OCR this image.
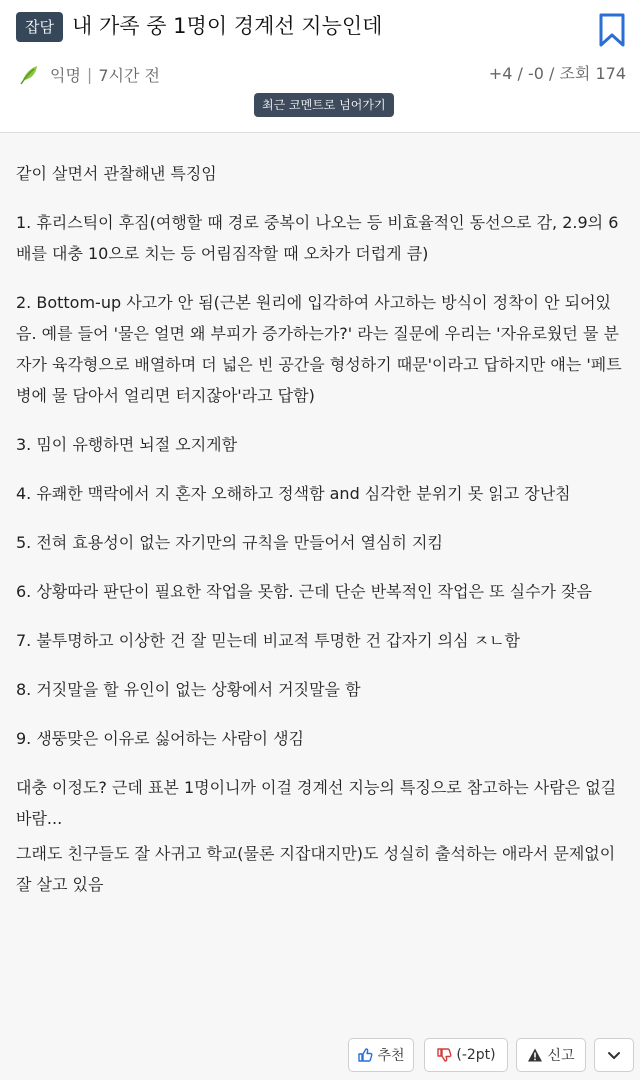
잡담 내 가족 중 1명이 경계선 지능인데
익명 | 7시간 전	+4 / -0 / 조회 174
최근 코멘트로 넘어가기

같이 살면서 관찰해낸 특징임

1. 휴리스틱이 후짐(여행할 때 경로 중복이 나오는 등 비효율적인 동선으로 감, 2.9의 6배를 대충 10으로 치는 등 어림짐작할 때 오차가 더럽게 큼)

2. Bottom-up 사고가 안 됨(근본 원리에 입각하여 사고하는 방식이 정착이 안 되어있음. 예를 들어 '물은 얼면 왜 부피가 증가하는가?' 라는 질문에 우리는 '자유로웠던 물 분자가 육각형으로 배열하며 더 넓은 빈 공간을 형성하기 때문'이라고 답하지만 얘는 '페트병에 물 담아서 얼리면 터지잖아'라고 답함)

3. 밈이 유행하면 뇌절 오지게함

4. 유쾌한 맥락에서 지 혼자 오해하고 정색함 and 심각한 분위기 못 읽고 장난침

5. 전혀 효용성이 없는 자기만의 규칙을 만들어서 열심히 지킴

6. 상황따라 판단이 필요한 작업을 못함. 근데 단순 반복적인 작업은 또 실수가 잦음

7. 불투명하고 이상한 건 잘 믿는데 비교적 투명한 건 갑자기 의심 ㅈㄴ함

8. 거짓말을 할 유인이 없는 상황에서 거짓말을 함

9. 생뚱맞은 이유로 싫어하는 사람이 생김

대충 이정도? 근데 표본 1명이니까 이걸 경계선 지능의 특징으로 참고하는 사람은 없길 바람...

그래도 친구들도 잘 사귀고 학교(물론 지잡대지만)도 성실히 출석하는 애라서 문제없이 잘 살고 있음

추천	(-2pt)	신고
